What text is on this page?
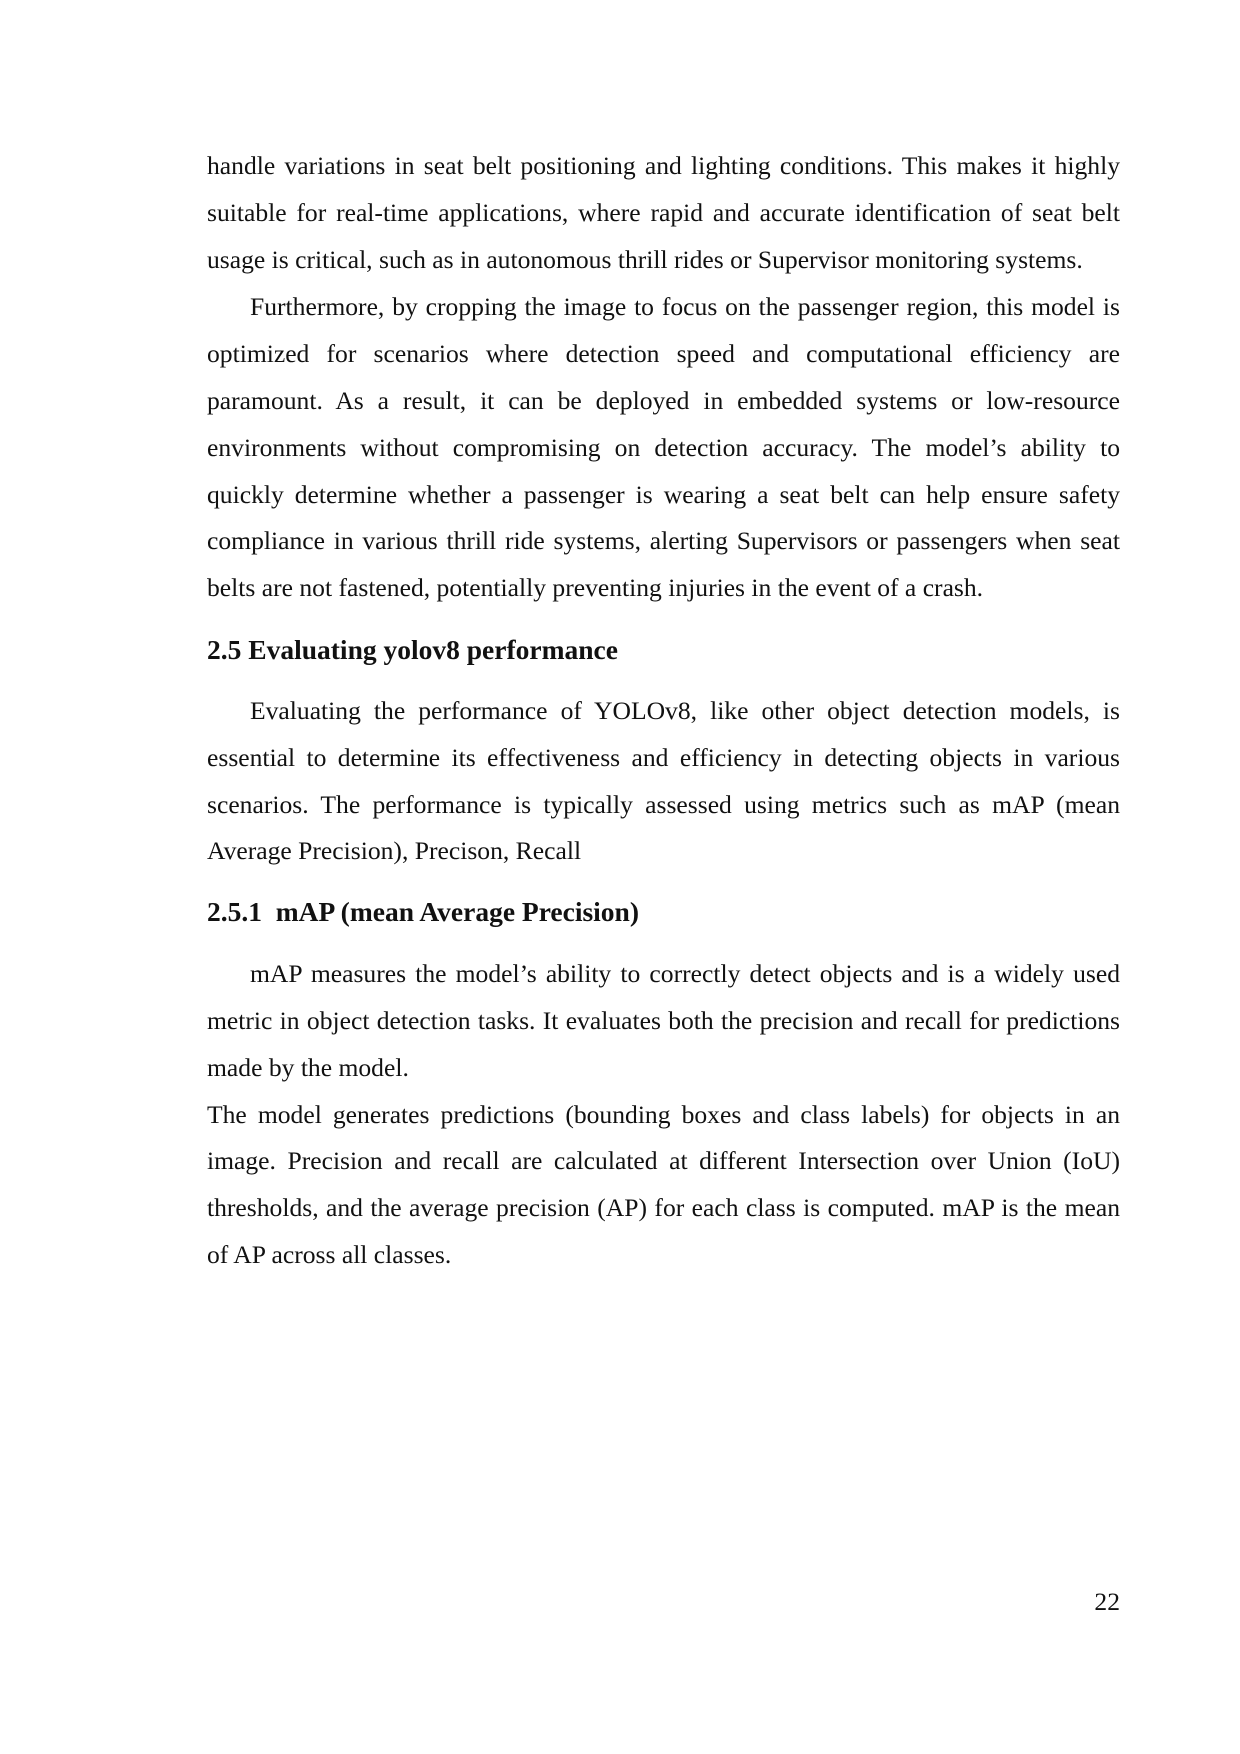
handle variations in seat belt positioning and lighting conditions. This makes it highly suitable for real-time applications, where rapid and accurate identification of seat belt usage is critical, such as in autonomous thrill rides or Supervisor monitoring systems.

Furthermore, by cropping the image to focus on the passenger region, this model is optimized for scenarios where detection speed and computational efficiency are paramount. As a result, it can be deployed in embedded systems or low-resource environments without compromising on detection accuracy. The model’s ability to quickly determine whether a passenger is wearing a seat belt can help ensure safety compliance in various thrill ride systems, alerting Supervisors or passengers when seat belts are not fastened, potentially preventing injuries in the event of a crash.

2.5 Evaluating yolov8 performance

Evaluating the performance of YOLOv8, like other object detection models, is essential to determine its effectiveness and efficiency in detecting objects in various scenarios. The performance is typically assessed using metrics such as mAP (mean Average Precision), Precison, Recall

2.5.1  mAP (mean Average Precision)

mAP measures the model’s ability to correctly detect objects and is a widely used metric in object detection tasks. It evaluates both the precision and recall for predictions made by the model.

The model generates predictions (bounding boxes and class labels) for objects in an image. Precision and recall are calculated at different Intersection over Union (IoU) thresholds, and the average precision (AP) for each class is computed. mAP is the mean of AP across all classes.

22
